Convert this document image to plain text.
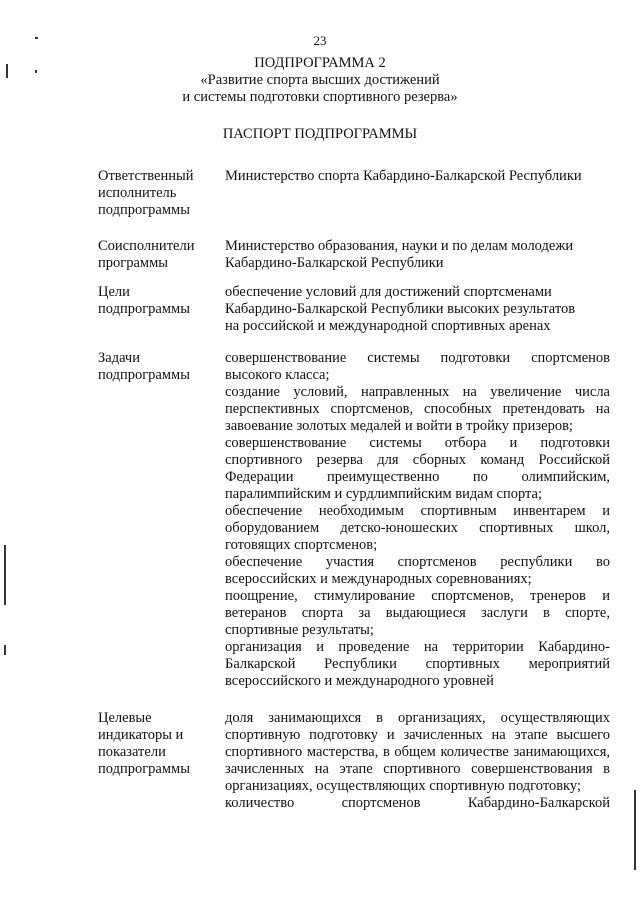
23
ПОДПРОГРАММА 2
«Развитие спорта высших достижений
и системы подготовки спортивного резерва»
ПАСПОРТ ПОДПРОГРАММЫ
Ответственный
исполнитель
подпрограммы
Министерство спорта Кабардино-Балкарской Республики
Соисполнители
программы
Министерство образования, науки и по делам молодежи
Кабардино-Балкарской Республики
Цели
подпрограммы
обеспечение условий для достижений спортсменами
Кабардино-Балкарской Республики высоких результатов
на российской и международной спортивных аренах
Задачи
подпрограммы
совершенствование системы подготовки спортсменов высокого класса;
создание условий, направленных на увеличение числа перспективных спортсменов, способных претендовать на завоевание золотых медалей и войти в тройку призеров;
совершенствование системы отбора и подготовки спортивного резерва для сборных команд Российской Федерации преимущественно по олимпийским, паралимпийским и сурдлимпийским видам спорта;
обеспечение необходимым спортивным инвентарем и оборудованием детско-юношеских спортивных школ, готовящих спортсменов;
обеспечение участия спортсменов республики во всероссийских и международных соревнованиях;
поощрение, стимулирование спортсменов, тренеров и ветеранов спорта за выдающиеся заслуги в спорте, спортивные результаты;
организация и проведение на территории Кабардино-Балкарской Республики спортивных мероприятий всероссийского и международного уровней
Целевые
индикаторы и
показатели
подпрограммы
доля занимающихся в организациях, осуществляющих спортивную подготовку и зачисленных на этапе высшего спортивного мастерства, в общем количестве занимающихся, зачисленных на этапе спортивного совершенствования в организациях, осуществляющих спортивную подготовку;
количество спортсменов Кабардино-Балкарской
